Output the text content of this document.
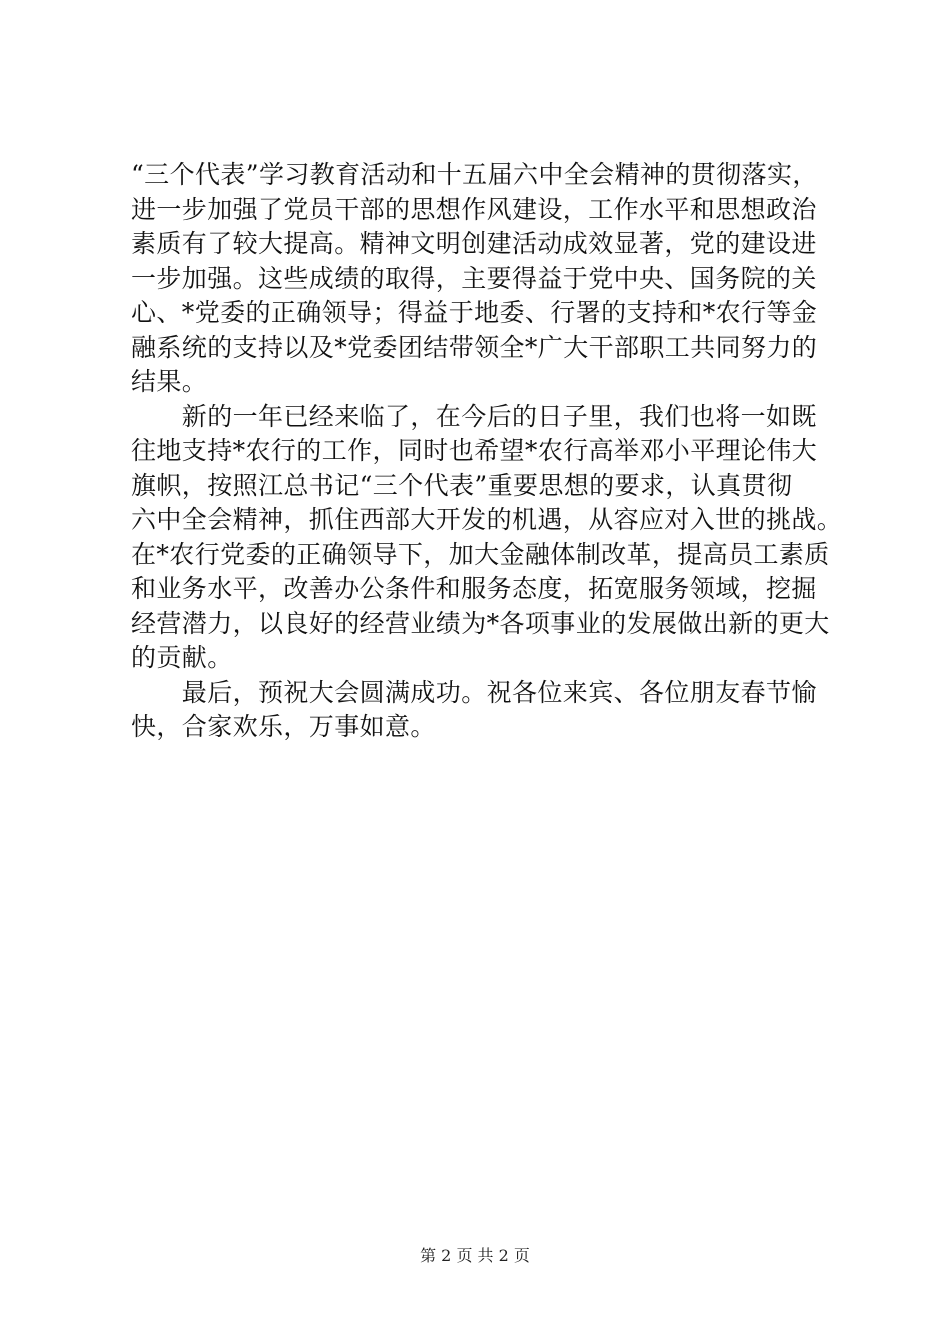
“三个代表”学习教育活动和十五届六中全会精神的贯彻落实，
进一步加强了党员干部的思想作风建设，工作水平和思想政治
素质有了较大提高。精神文明创建活动成效显著，党的建设进
一步加强。这些成绩的取得，主要得益于党中央、国务院的关
心、*党委的正确领导；得益于地委、行署的支持和*农行等金
融系统的支持以及*党委团结带领全*广大干部职工共同努力的
结果。
　　新的一年已经来临了，在今后的日子里，我们也将一如既
往地支持*农行的工作，同时也希望*农行高举邓小平理论伟大
旗帜，按照江总书记“三个代表”重要思想的要求，认真贯彻
六中全会精神，抓住西部大开发的机遇，从容应对入世的挑战。
在*农行党委的正确领导下，加大金融体制改革，提高员工素质
和业务水平，改善办公条件和服务态度，拓宽服务领域，挖掘
经营潜力，以良好的经营业绩为*各项事业的发展做出新的更大
的贡献。
　　最后，预祝大会圆满成功。祝各位来宾、各位朋友春节愉
快，合家欢乐，万事如意。
第 2 页 共 2 页
